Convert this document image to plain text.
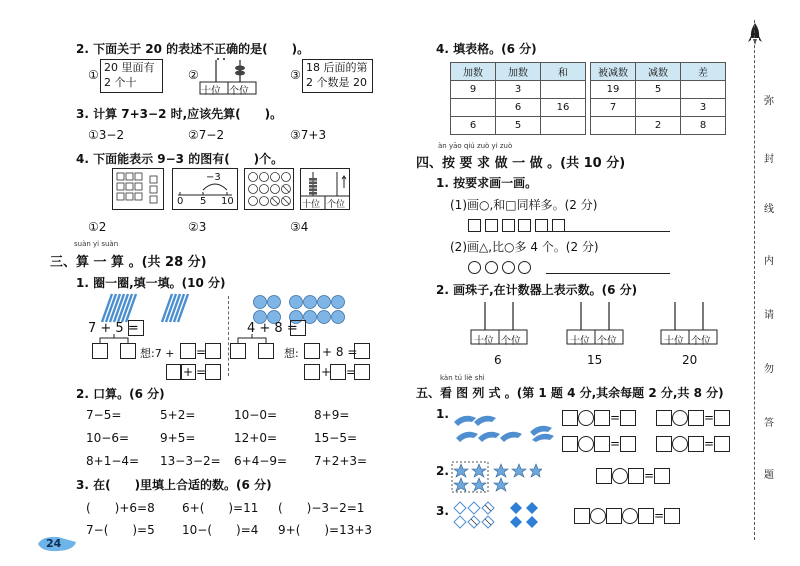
2. 下面关于 20 的表述不正确的是(　　)。
①
20 里面有
2 个十
②
十位 个位
③
18 后面的第
2 个数是 20
3. 计算 7+3−2 时,应该先算(　　)。
①3−2	②7−2	③7+3
4. 下面能表示 9−3 的图有(　　)个。
−3
0 5 10	十位 个位
①2	②3	③4
suàn yi suàn
三、算 一 算 。(共 28 分)
1. 圈一圈,填一填。(10 分)
7 + 5 =	4 + 8 =
想:7 + =
+ =
想: + 8 =
+ =
2. 口算。(6 分)
7−5=	5+2=	10−0=	8+9=
10−6=	9+5=	12+0=	15−5=
8+1−4= 13−3−2= 6+4−9= 7+2+3=
3. 在(　　)里填上合适的数。(6 分)
(　　)+6=8 6+(　　)=11 (　　)−3−2=1
7−(　　)=5 10−(　　)=4 9+(　　)=13+3
24
4. 填表格。(6 分)
加数	加数	和
9	3	
	6	16
6	5	
被减数	减数	差
19	5	
7		3
	2	8
àn yāo qiú zuò yi zuò
四、按 要 求 做 一 做 。(共 10 分)
1. 按要求画一画。
(1)画○,和□同样多。(2 分)

(2)画△,比○多 4 个。(2 分)

2. 画珠子,在计数器上表示数。(6 分)
十位 个位
6
十位 个位
15
十位 个位
20
kàn tú liè shì
五、看 图 列 式 。(第 1 题 4 分,其余每题 2 分,共 8 分)
1.	=	=
=	=
2.	=
3.	=
弥
封
线
内
请
勿
答
题
